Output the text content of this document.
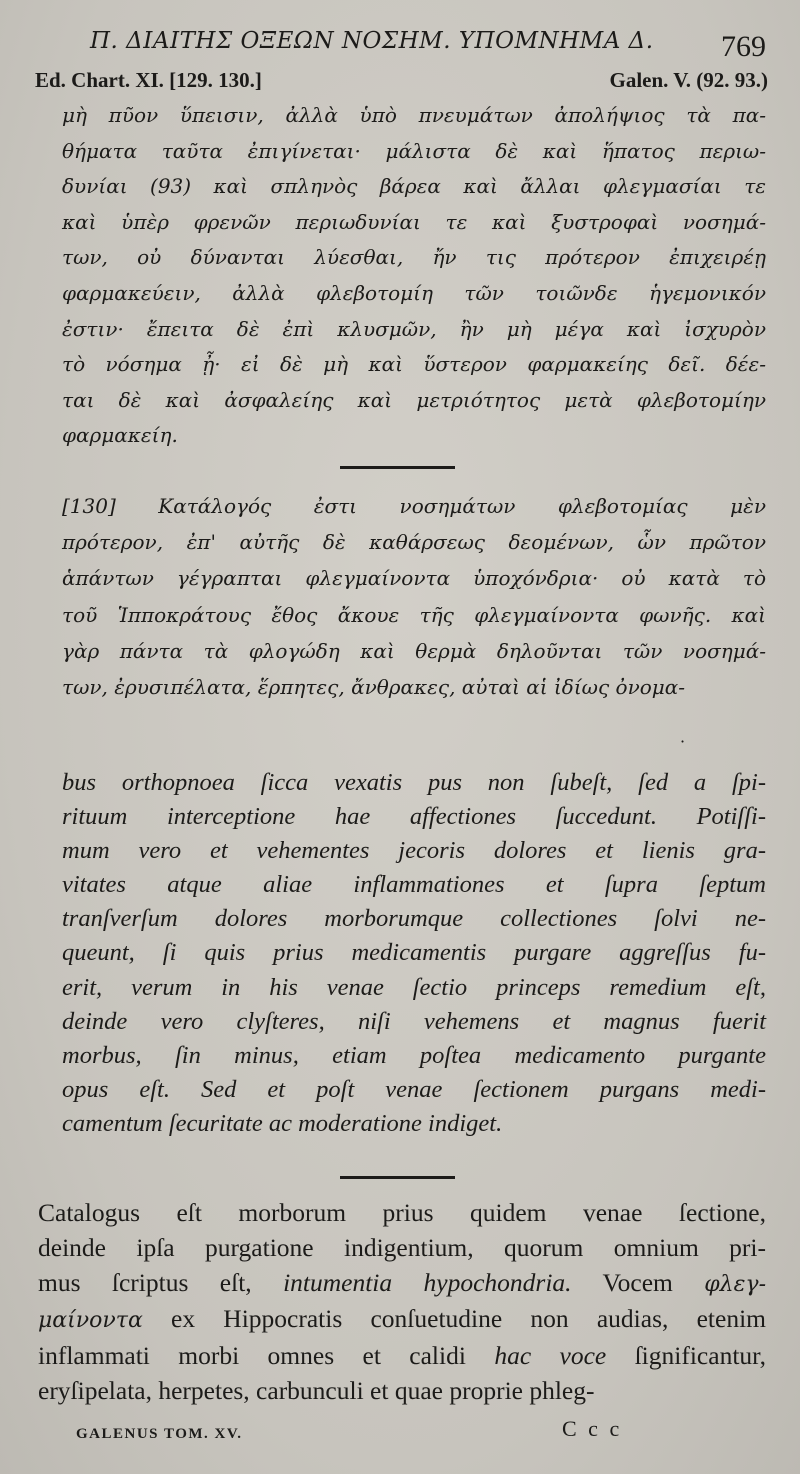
Π. ΔΙΑΙΤΗΣ ΟΞΕΩΝ ΝΟΣΗΜ. ΥΠΟΜΝΗΜΑ Δ. 769
Ed. Chart. XI. [129. 130.]	Galen. V. (92. 93.)
μὴ πῦον ὕπεισιν, ἀλλὰ ὑπὸ πνευμάτων ἀπολήψιος τὰ πα-
θήματα ταῦτα ἐπιγίνεται· μάλιστα δὲ καὶ ἥπατος περιω-
δυνίαι (93) καὶ σπληνὸς βάρεα καὶ ἄλλαι φλεγμασίαι τε
καὶ ὑπὲρ φρενῶν περιωδυνίαι τε καὶ ξυστροφαὶ νοσημά-
των, οὐ δύνανται λύεσθαι, ἤν τις πρότερον ἐπιχειρέῃ
φαρμακεύειν, ἀλλὰ φλεβοτομίη τῶν τοιῶνδε ἡγεμονικόν
ἐστιν· ἔπειτα δὲ ἐπὶ κλυσμῶν, ἢν μὴ μέγα καὶ ἰσχυρὸν
τὸ νόσημα ᾖ· εἰ δὲ μὴ καὶ ὕστερον φαρμακείης δεῖ. δέε-
ται δὲ καὶ ἀσφαλείης καὶ μετριότητος μετὰ φλεβοτομίην
φαρμακείη.
[130] Κατάλογός ἐστι νοσημάτων φλεβοτομίας μὲν
πρότερον, ἐπ' αὐτῆς δὲ καθάρσεως δεομένων, ὧν πρῶτον
ἁπάντων γέγραπται φλεγμαίνοντα ὑποχόνδρια· οὐ κατὰ τὸ
τοῦ Ἱπποκράτους ἔθος ἄκουε τῆς φλεγμαίνοντα φωνῆς. καὶ
γὰρ πάντα τὰ φλογώδη καὶ θερμὰ δηλοῦνται τῶν νοσημά-
των, ἐρυσιπέλατα, ἕρπητες, ἄνθρακες, αὐταὶ αἱ ἰδίως ὀνομα-
·
bus orthopnoea ſicca vexatis pus non ſubeſt, ſed a ſpi-
rituum interceptione hae affectiones ſuccedunt. Potiſſi-
mum vero et vehementes jecoris dolores et lienis gra-
vitates atque aliae inflammationes et ſupra ſeptum
tranſverſum dolores morborumque collectiones ſolvi ne-
queunt, ſi quis prius medicamentis purgare aggreſſus fu-
erit, verum in his venae ſectio princeps remedium eſt,
deinde vero clyſteres, niſi vehemens et magnus fuerit
morbus, ſin minus, etiam poſtea medicamento purgante
opus eſt. Sed et poſt venae ſectionem purgans medi-
camentum ſecuritate ac moderatione indiget.
Catalogus eſt morborum prius quidem venae ſectione,
deinde ipſa purgatione indigentium, quorum omnium pri-
mus ſcriptus eſt, intumentia hypochondria. Vocem φλεγ-
μαίνοντα ex Hippocratis conſuetudine non audias, etenim
inflammati morbi omnes et calidi hac voce ſignificantur,
eryſipelata, herpetes, carbunculi et quae proprie phleg-
GALENUS TOM. XV.	C c c
